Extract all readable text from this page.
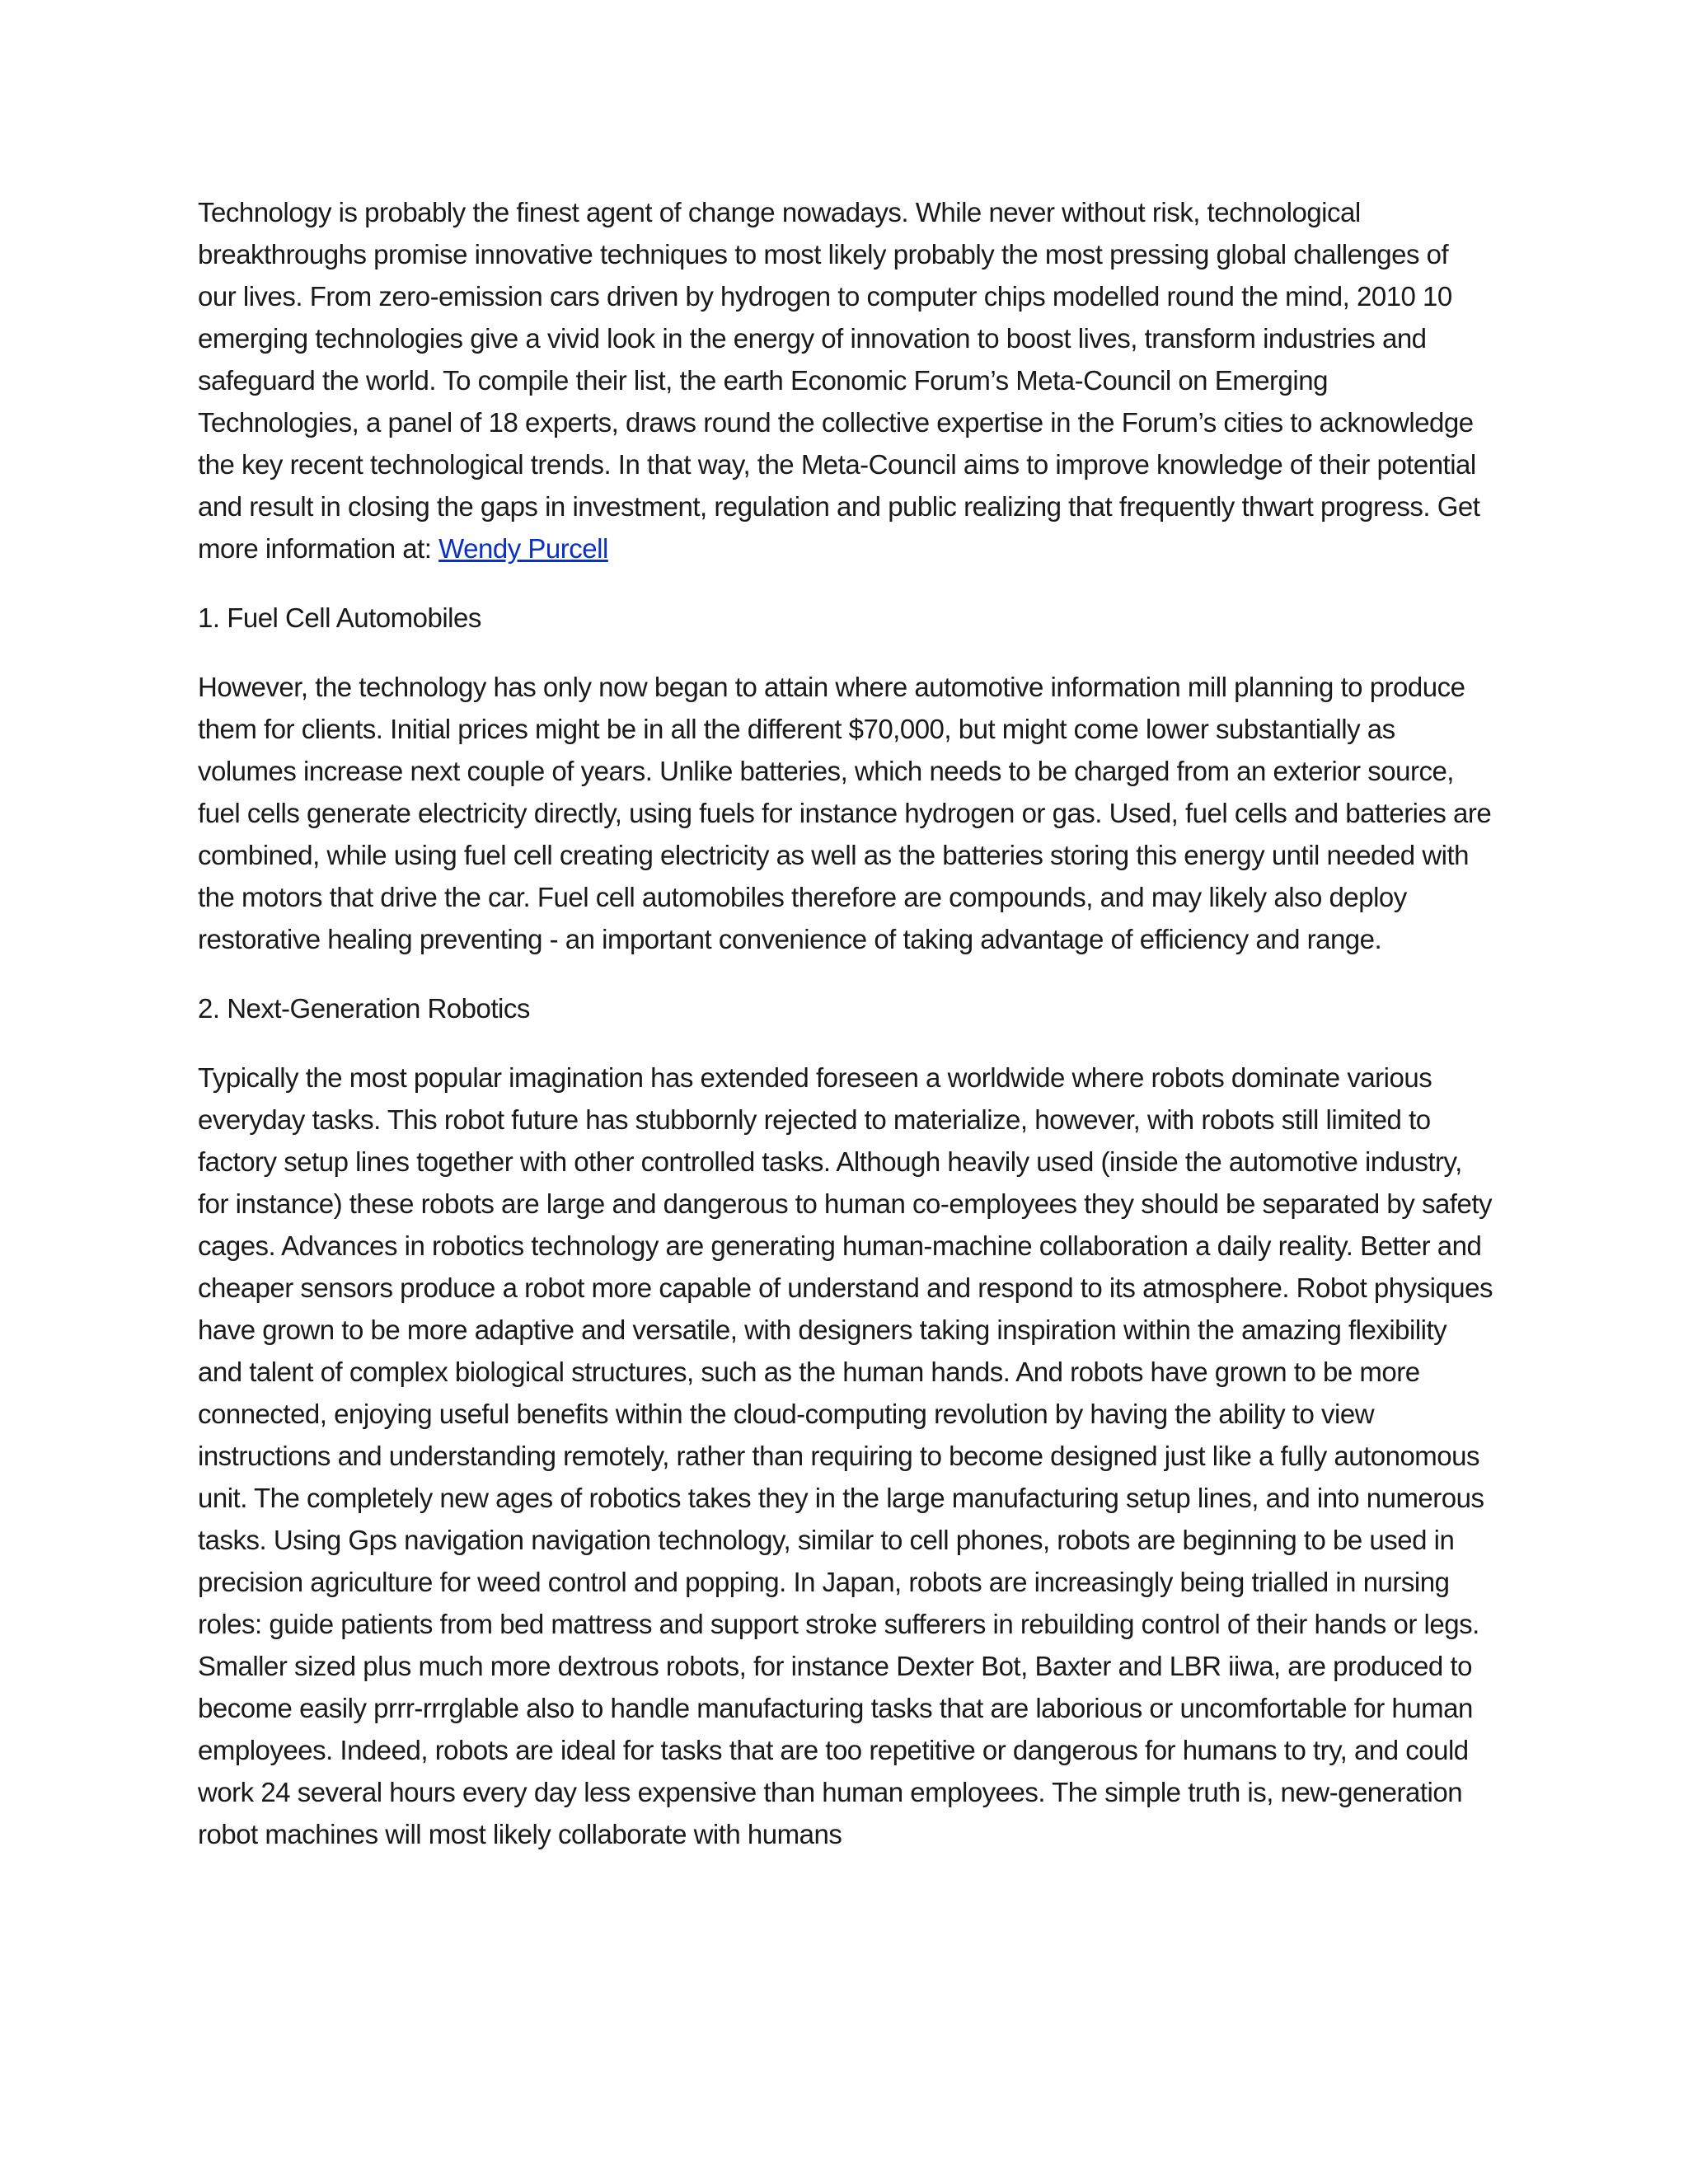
Technology is probably the finest agent of change nowadays. While never without risk, technological breakthroughs promise innovative techniques to most likely probably the most pressing global challenges of our lives. From zero-emission cars driven by hydrogen to computer chips modelled round the mind, 2010 10 emerging technologies give a vivid look in the energy of innovation to boost lives, transform industries and safeguard the world. To compile their list, the earth Economic Forum’s Meta-Council on Emerging Technologies, a panel of 18 experts, draws round the collective expertise in the Forum’s cities to acknowledge the key recent technological trends. In that way, the Meta-Council aims to improve knowledge of their potential and result in closing the gaps in investment, regulation and public realizing that frequently thwart progress. Get more information at: Wendy Purcell

1. Fuel Cell Automobiles

However, the technology has only now began to attain where automotive information mill planning to produce them for clients. Initial prices might be in all the different $70,000, but might come lower substantially as volumes increase next couple of years. Unlike batteries, which needs to be charged from an exterior source, fuel cells generate electricity directly, using fuels for instance hydrogen or gas. Used, fuel cells and batteries are combined, while using fuel cell creating electricity as well as the batteries storing this energy until needed with the motors that drive the car. Fuel cell automobiles therefore are compounds, and may likely also deploy restorative healing preventing - an important convenience of taking advantage of efficiency and range.

2. Next-Generation Robotics

Typically the most popular imagination has extended foreseen a worldwide where robots dominate various everyday tasks. This robot future has stubbornly rejected to materialize, however, with robots still limited to factory setup lines together with other controlled tasks. Although heavily used (inside the automotive industry, for instance) these robots are large and dangerous to human co-employees they should be separated by safety cages. Advances in robotics technology are generating human-machine collaboration a daily reality. Better and cheaper sensors produce a robot more capable of understand and respond to its atmosphere. Robot physiques have grown to be more adaptive and versatile, with designers taking inspiration within the amazing flexibility and talent of complex biological structures, such as the human hands. And robots have grown to be more connected, enjoying useful benefits within the cloud-computing revolution by having the ability to view instructions and understanding remotely, rather than requiring to become designed just like a fully autonomous unit. The completely new ages of robotics takes they in the large manufacturing setup lines, and into numerous tasks. Using Gps navigation navigation technology, similar to cell phones, robots are beginning to be used in precision agriculture for weed control and popping. In Japan, robots are increasingly being trialled in nursing roles: guide patients from bed mattress and support stroke sufferers in rebuilding control of their hands or legs. Smaller sized plus much more dextrous robots, for instance Dexter Bot, Baxter and LBR iiwa, are produced to become easily prrr-rrrglable also to handle manufacturing tasks that are laborious or uncomfortable for human employees. Indeed, robots are ideal for tasks that are too repetitive or dangerous for humans to try, and could work 24 several hours every day less expensive than human employees. The simple truth is, new-generation robot machines will most likely collaborate with humans
